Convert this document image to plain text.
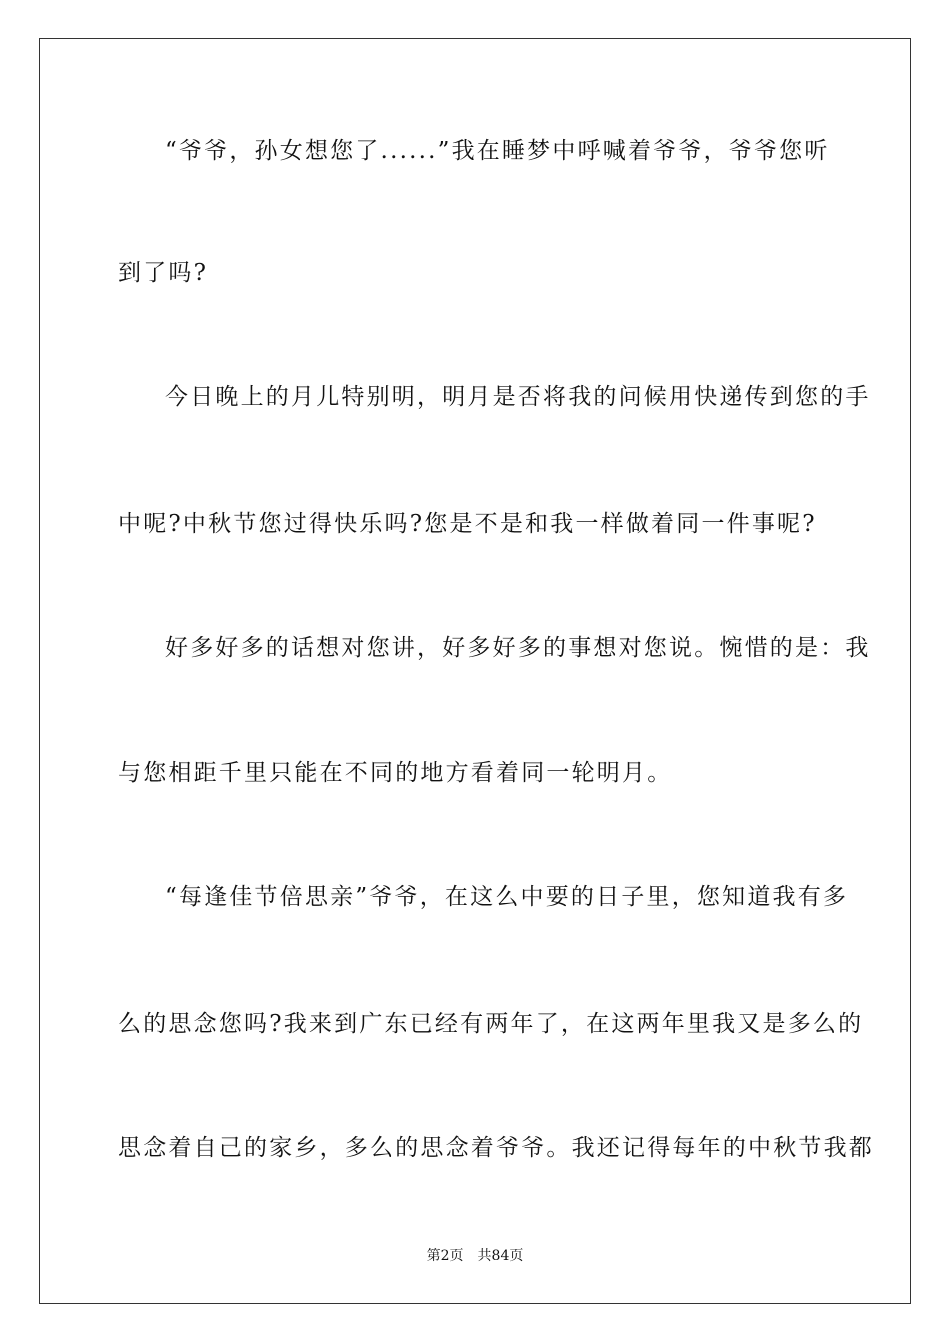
“爷爷，孙女想您了......”我在睡梦中呼喊着爷爷，爷爷您听
到了吗?
今日晚上的月儿特别明，明月是否将我的问候用快递传到您的手
中呢?中秋节您过得快乐吗?您是不是和我一样做着同一件事呢?
好多好多的话想对您讲，好多好多的事想对您说。惋惜的是：我
与您相距千里只能在不同的地方看着同一轮明月。
“每逢佳节倍思亲”爷爷，在这么中要的日子里，您知道我有多
么的思念您吗?我来到广东已经有两年了，在这两年里我又是多么的
思念着自己的家乡，多么的思念着爷爷。我还记得每年的中秋节我都
第2页 共84页
